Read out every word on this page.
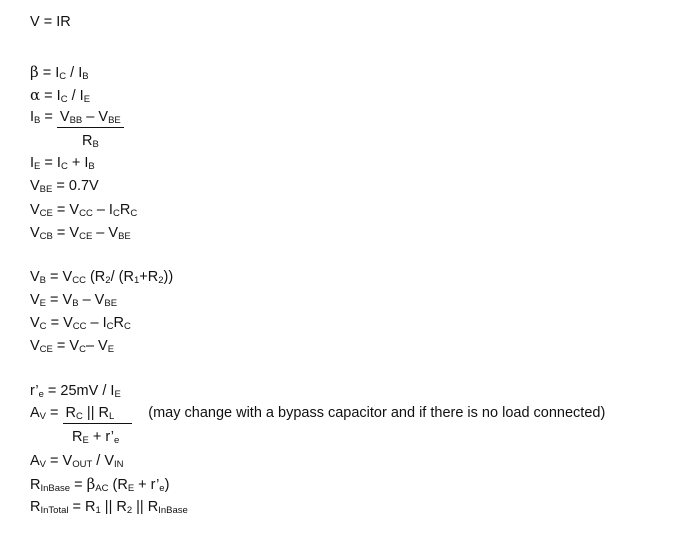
V = IR
$\beta = I_C / I_B$
$\alpha = I_C / I_E$
$I_B = V_{BB} - V_{BE}$
$R_B$
$I_E = I_C + I_B$
$V_{BE} = 0.7V$
$V_{CE} = V_{CC} - I_CR_C$
$V_{CB} = V_{CE} - V_{BE}$
$V_B = V_{CC}$ ($R_2/$ $(R_1+R_2)$)
$V_E = V_B - V_{BE}$
$V_C = V_{CC} - I_CR_C$
$V_{CE} = V_C-$ $V_E$
$r’_e = 25mV / I_E$
$A_V = R_C$ || $R_L$ (may change with a bypass capacitor and if there is no load connected)
$R_E$ + $r’_e$
$A_V = V_{OUT} / V_{IN}$
$R_{InBase} = \beta_{AC}$ ($R_E$ + $r’_e$)
$R_{InTotal} = R_1$ || $R_2$ || $R_{InBase}$
